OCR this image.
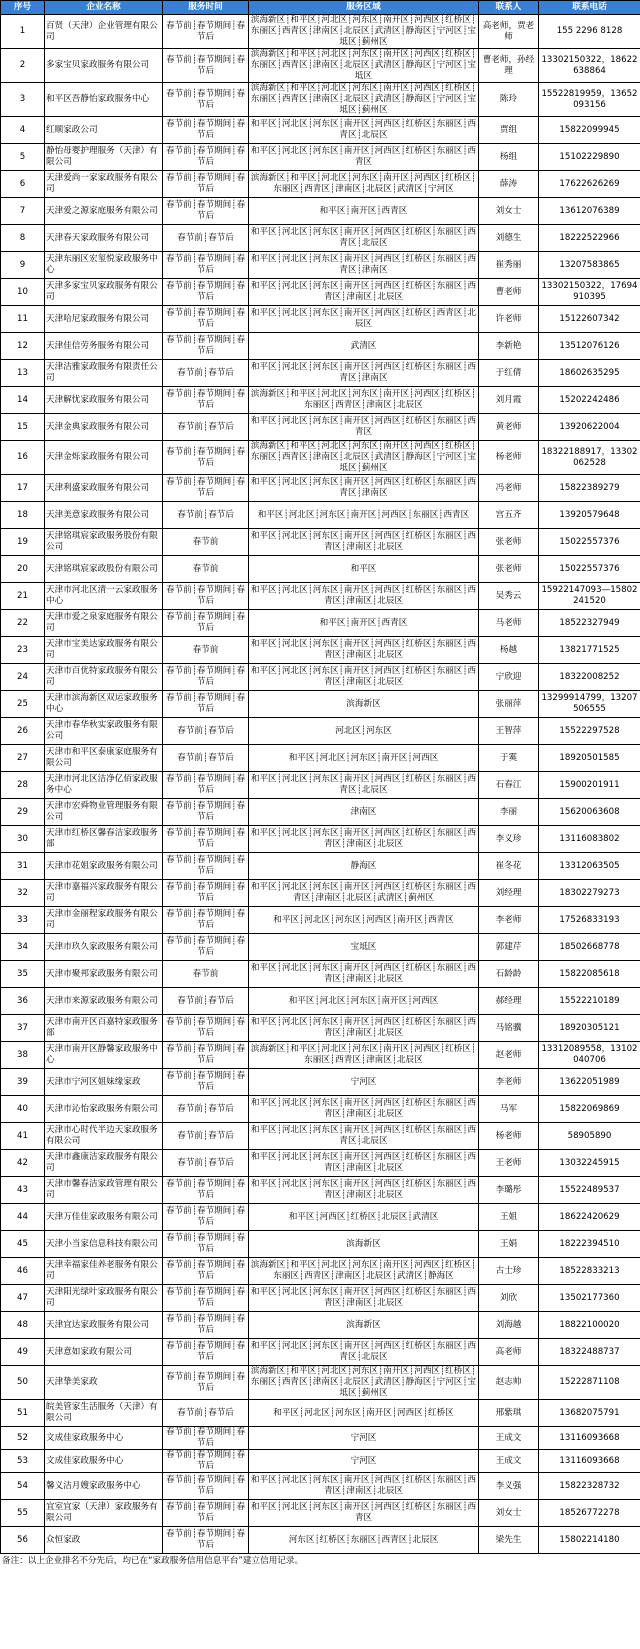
序号	企业名称	服务时间	服务区域	联系人	联系电话
1	百贤（天津）企业管理有限公司	春节前┊春节期间┊春节后	滨海新区┊和平区┊河北区┊河东区┊南开区┊河西区┊红桥区┊东丽区┊西青区┊津南区┊北辰区┊武清区┊静海区┊宁河区┊宝坻区┊蓟州区	高老师，贾老师	155 2296 8128
2	多家宝贝家政服务有限公司	春节前┊春节期间┊春节后	滨海新区┊和平区┊河北区┊河东区┊南开区┊河西区┊红桥区┊东丽区┊西青区┊津南区┊北辰区┊武清区┊静海区┊宁河区┊宝坻区	曹老师，孙经理	13302150322，18622638864
3	和平区吾静怡家政服务中心	春节前┊春节期间┊春节后	滨海新区┊和平区┊河北区┊河东区┊南开区┊河西区┊红桥区┊东丽区┊西青区┊津南区┊北辰区┊武清区┊静海区┊宁河区┊宝坻区┊蓟州区	陈玲	15522819959，13652093156
4	红顺家政公司	春节前┊春节期间┊春节后	和平区┊河北区┊河东区┊南开区┊河西区┊红桥区┊东丽区┊西青区┊北辰区	贾组	15822099945
5	静怡母婴护理服务（天津）有限公司	春节前┊春节期间┊春节后	和平区┊河北区┊河东区┊南开区┊河西区┊红桥区┊东丽区┊西青区	杨组	15102229890
6	天津爱尚一家家政服务有限公司	春节前┊春节期间┊春节后	滨海新区┊和平区┊河北区┊河东区┊南开区┊河西区┊红桥区┊东丽区┊西青区┊津南区┊北辰区┊武清区┊宁河区	薛涛	17622626269
7	天津爱之源家庭服务有限公司	春节前┊春节期间┊春节后	和平区┊南开区┊西青区	刘女士	13612076389
8	天津春天家政服务有限公司	春节前┊春节后	和平区┊河北区┊河东区┊南开区┊河西区┊红桥区┊东丽区┊西青区┊北辰区	刘德生	18222522966
9	天津东丽区宏玺悦家政服务中心	春节前┊春节期间┊春节后	和平区┊河北区┊河东区┊南开区┊河西区┊红桥区┊东丽区┊西青区┊津南区	崔秀丽	13207583865
10	天津多家宝贝家政服务有限公司	春节前┊春节期间┊春节后	和平区┊河北区┊河东区┊南开区┊河西区┊红桥区┊东丽区┊西青区┊津南区┊北辰区	曹老师	13302150322，17694910395
11	天津哈尼家政服务有限公司	春节前┊春节期间┊春节后	和平区┊河北区┊河东区┊南开区┊河西区┊红桥区┊西青区┊北辰区	许老师	15122607342
12	天津佳信劳务服务有限公司	春节前┊春节期间┊春节后	武清区	李新艳	13512076126
13	天津洁雅家政服务有限责任公司	春节前┊春节后	和平区┊河北区┊河东区┊南开区┊河西区┊红桥区┊东丽区┊西青区┊津南区	于红倩	18602635295
14	天津解忧家政服务有限公司	春节前┊春节期间┊春节后	滨海新区┊和平区┊河北区┊河东区┊南开区┊河西区┊红桥区┊东丽区┊西青区┊津南区┊北辰区	刘月霞	15202242486
15	天津金典家政服务有限公司	春节前┊春节后	和平区┊河北区┊河东区┊南开区┊河西区┊红桥区┊东丽区┊西青区	黄老师	13920622004
16	天津金烁家政服务有限公司	春节前┊春节期间┊春节后	滨海新区┊和平区┊河北区┊河东区┊南开区┊河西区┊红桥区┊东丽区┊西青区┊津南区┊北辰区┊武清区┊静海区┊宁河区┊宝坻区┊蓟州区	杨老师	18322188917，13302062528
17	天津利盛家政服务有限公司	春节前┊春节期间┊春节后	和平区┊河北区┊河东区┊南开区┊河西区┊红桥区┊东丽区┊西青区┊津南区	冯老师	15822389279
18	天津美意家政服务有限公司	春节前┊春节后	和平区┊河北区┊河东区┊南开区┊河西区┊东丽区┊西青区	宫五齐	13920579648
19	天津铭琪宸家政服务股份有限公司	春节前	和平区┊河北区┊河东区┊南开区┊河西区┊红桥区┊东丽区┊西青区┊津南区┊北辰区	张老师	15022557376
20	天津铭琪宸家政股份有限公司	春节前	和平区	张老师	15022557376
21	天津市河北区清一云家政服务中心	春节前┊春节期间┊春节后	和平区┊河北区┊河东区┊南开区┊河西区┊红桥区┊东丽区┊西青区┊津南区┊北辰区	吴秀云	15922147093—15802241520
22	天津市爱之泉家庭服务有限公司	春节前┊春节期间┊春节后	和平区┊南开区┊西青区	马老师	18522327949
23	天津市宝美达家政服务有限公司	春节前	和平区┊河北区┊河东区┊南开区┊河西区┊红桥区┊东丽区┊西青区┊津南区┊北辰区	杨越	13821771525
24	天津市百优特家政服务有限公司	春节前┊春节期间┊春节后	和平区┊河北区┊河东区┊南开区┊河西区┊红桥区┊东丽区┊西青区┊津南区┊北辰区	宁欣迎	18322008252
25	天津市滨海新区双运家政服务中心	春节前┊春节期间┊春节后	滨海新区	张丽萍	13299914799，13207506555
26	天津市春华秋实家政服务有限公司	春节前┊春节后	河北区┊河东区	王智萍	15522297528
27	天津市和平区泰康家庭服务有限公司	春节前┊春节后	和平区┊河北区┊河东区┊南开区┊河西区	于霙	18920501585
28	天津市河北区洁净亿佰家政服务中心	春节前┊春节期间┊春节后	和平区┊河北区┊河东区┊南开区┊河西区┊红桥区┊东丽区┊西青区┊北辰区	石春江	15900201911
29	天津市宏舜物业管理服务有限公司	春节前┊春节期间┊春节后	津南区	李丽	15620063608
30	天津市红桥区馨春洁家政服务部	春节前┊春节期间┊春节后	和平区┊河北区┊河东区┊南开区┊河西区┊红桥区┊东丽区┊西青区┊津南区┊北辰区	李义珍	13116083802
31	天津市花姐家政服务有限公司	春节前┊春节期间┊春节后	静海区	崔冬花	13312063505
32	天津市嘉福兴家政服务有限公司	春节前┊春节期间┊春节后	和平区┊河北区┊河东区┊南开区┊河西区┊红桥区┊东丽区┊西青区┊津南区┊北辰区┊武清区┊蓟州区	刘经理	18302279273
33	天津市金丽程家政服务有限公司	春节前┊春节期间┊春节后	和平区┊河北区┊河东区┊河西区┊南开区┊西青区	李老师	17526833193
34	天津市玖久家政服务有限公司	春节前┊春节期间┊春节后	宝坻区	郭建芹	18502668778
35	天津市聚邦家政服务有限公司	春节前	和平区┊河北区┊河东区┊南开区┊河西区┊红桥区┊东丽区┊西青区┊津南区┊北辰区	石龄龄	15822085618
36	天津市来源家政服务有限公司	春节前┊春节后	和平区┊河北区┊河东区┊南开区┊河西区	郝经理	15522210189
37	天津市南开区百嘉特家政服务部	春节前┊春节期间┊春节后	和平区┊河北区┊河东区┊南开区┊河西区┊红桥区┊东丽区┊西青区┊津南区┊北辰区	马铭骥	18920305121
38	天津市南开区静馨家政服务中心	春节前┊春节期间┊春节后	滨海新区┊和平区┊河北区┊河东区┊南开区┊河西区┊红桥区┊东丽区┊西青区┊津南区┊北辰区	赵老师	13312089558，13102040706
39	天津市宁河区姐妹缘家政	春节前┊春节期间┊春节后	宁河区	李老师	13622051989
40	天津市沁怡家政服务有限公司	春节前┊春节后	和平区┊河北区┊河东区┊南开区┊河西区┊红桥区┊东丽区┊西青区┊津南区┊北辰区	马军	15822069869
41	天津市心时代半边天家政服务有限公司	春节前┊春节后	和平区┊河北区┊河东区┊南开区┊河西区┊红桥区┊东丽区┊西青区┊北辰区	杨老师	58905890
42	天津市鑫康洁家政服务有限公司	春节前┊春节后	和平区┊河北区┊河东区┊南开区┊河西区┊红桥区┊东丽区┊西青区┊津南区┊北辰区	王老师	13032245915
43	天津市馨春洁家政管理有限公司	春节前┊春节期间┊春节后	和平区┊河北区┊河东区┊南开区┊河西区┊红桥区┊东丽区┊西青区┊津南区┊北辰区	李璐彤	15522489537
44	天津万佳佳家政服务有限公司	春节前┊春节期间┊春节后	和平区┊河西区┊红桥区┊北辰区┊武清区	王姐	18622420629
45	天津小当家信息科技有限公司	春节前┊春节期间┊春节后	滨海新区	王娟	18222394510
46	天津幸福家佳养老服务有限公司	春节前┊春节期间┊春节后	滨海新区┊和平区┊河北区┊河东区┊南开区┊河西区┊红桥区┊东丽区┊西青区┊津南区┊北辰区┊武清区┊静海区	古士珍	18522833213
47	天津阳光绿叶家政服务有限公司	春节前┊春节期间┊春节后	和平区┊河北区┊河东区┊南开区┊河西区┊红桥区┊东丽区┊西青区┊津南区┊北辰区	刘欣	13502177360
48	天津宜达家政服务有限公司	春节前┊春节期间┊春节后	滨海新区	刘海越	18822100020
49	天津意如家政有限公司	春节前┊春节期间┊春节后	和平区┊河北区┊河东区┊南开区┊河西区┊红桥区┊东丽区┊西青区┊北辰区	高老师	18322488737
50	天津挚美家政	春节前┊春节期间┊春节后	滨海新区┊和平区┊河北区┊河东区┊南开区┊河西区┊红桥区┊东丽区┊西青区┊津南区┊北辰区┊武清区┊静海区┊宁河区┊宝坻区┊蓟州区	赵志帅	15222871108
51	皖美管家生活服务（天津）有限公司	春节前┊春节后	和平区┊河北区┊河东区┊南开区┊河西区┊红桥区	邢紫琪	13682075791
52	文成佳家政服务中心	春节前┊春节期间┊春节后	宁河区	王成文	13116093668
53	文成佳家政服务中心	春节前┊春节期间┊春节后	宁河区	王成文	13116093668
54	馨义洁月嫂家政服务中心	春节前┊春节期间┊春节后	和平区┊河北区┊河东区┊南开区┊河西区┊红桥区┊东丽区┊西青区┊津南区┊北辰区	李义强	15822328732
55	宜室宜家（天津）家政服务有限公司	春节前┊春节期间┊春节后	和平区┊河北区┊河东区┊南开区┊河西区┊红桥区┊东丽区┊西青区	刘女士	18526772278
56	众恒家政	春节前┊春节期间┊春节后	河东区┊红桥区┊东丽区┊西青区┊北辰区	梁先生	15802214180
备注：以上企业排名不分先后，均已在“家政服务信用信息平台”建立信用记录。
